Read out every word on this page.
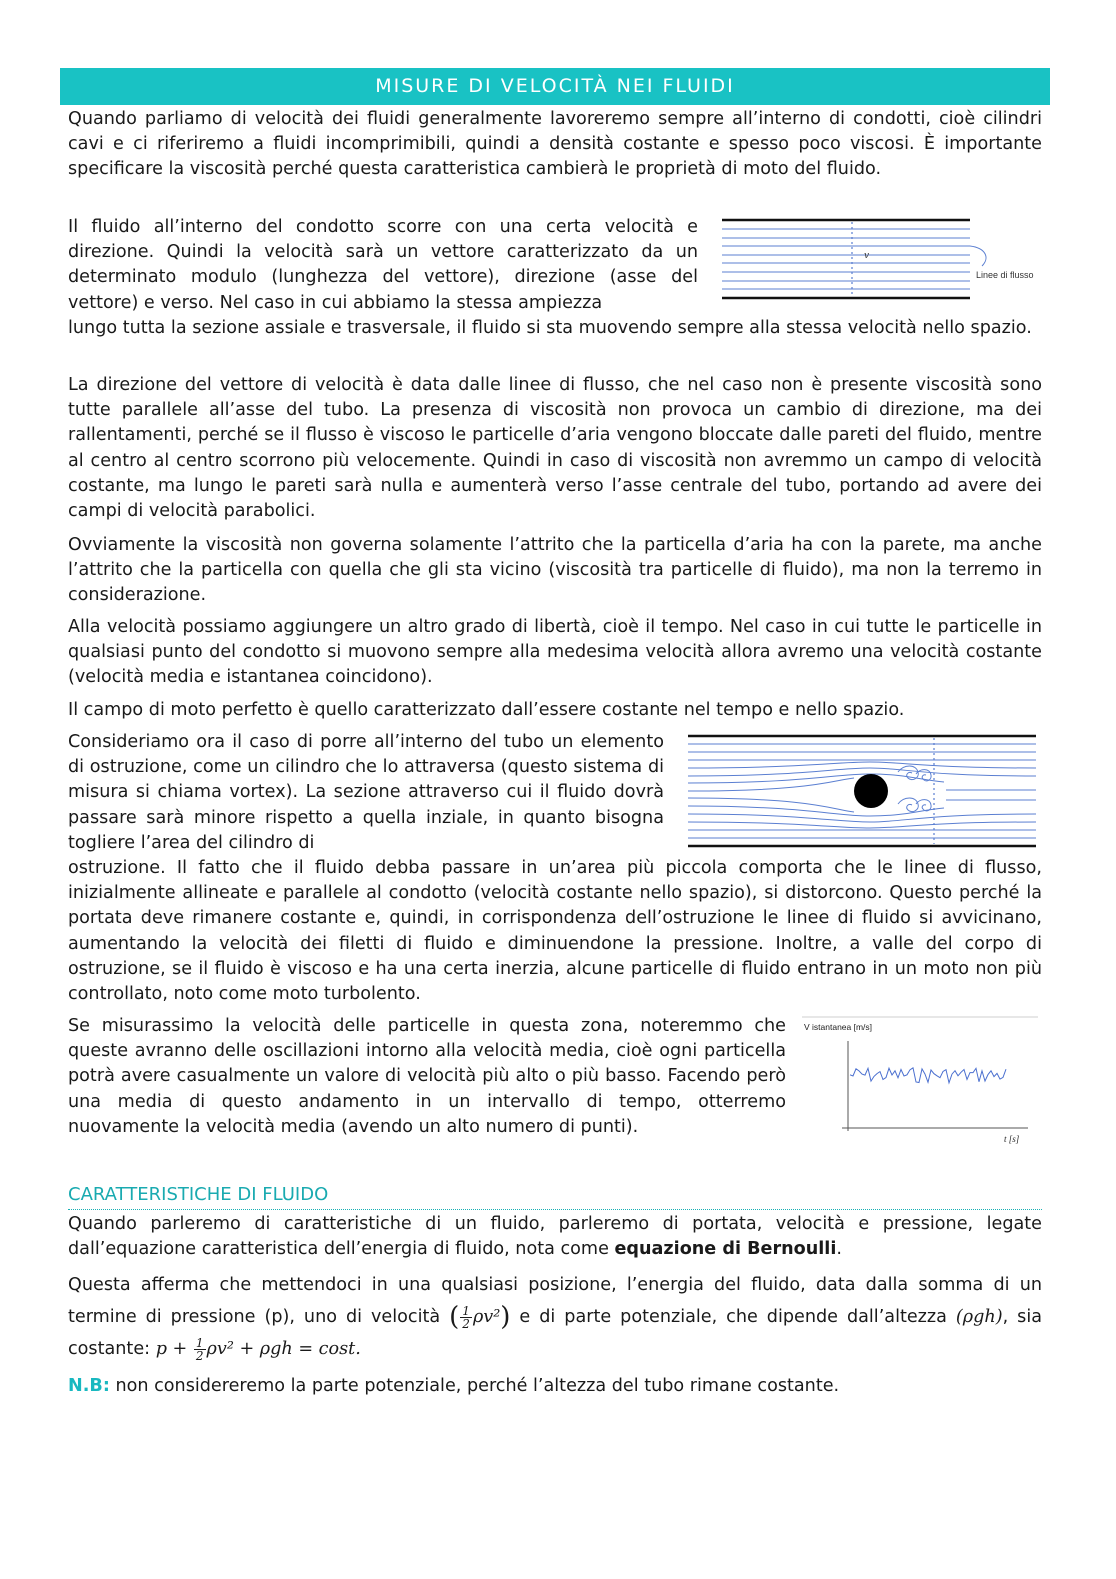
MISURE DI VELOCITÀ NEI FLUIDI

Quando parliamo di velocità dei fluidi generalmente lavoreremo sempre all’interno di condotti, cioè cilindri cavi e ci riferiremo a fluidi incomprimibili, quindi a densità costante e spesso poco viscosi. È importante specificare la viscosità perché questa caratteristica cambierà le proprietà di moto del fluido.

Il fluido all’interno del condotto scorre con una certa velocità e direzione. Quindi la velocità sarà un vettore caratterizzato da un determinato modulo (lunghezza del vettore), direzione (asse del vettore) e verso. Nel caso in cui abbiamo la stessa ampiezza

v
Linee di flusso

lungo tutta la sezione assiale e trasversale, il fluido si sta muovendo sempre alla stessa velocità nello spazio.

La direzione del vettore di velocità è data dalle linee di flusso, che nel caso non è presente viscosità sono tutte parallele all’asse del tubo. La presenza di viscosità non provoca un cambio di direzione, ma dei rallentamenti, perché se il flusso è viscoso le particelle d’aria vengono bloccate dalle pareti del fluido, mentre al centro al centro scorrono più velocemente. Quindi in caso di viscosità non avremmo un campo di velocità costante, ma lungo le pareti sarà nulla e aumenterà verso l’asse centrale del tubo, portando ad avere dei campi di velocità parabolici.

Ovviamente la viscosità non governa solamente l’attrito che la particella d’aria ha con la parete, ma anche l’attrito che la particella con quella che gli sta vicino (viscosità tra particelle di fluido), ma non la terremo in considerazione.

Alla velocità possiamo aggiungere un altro grado di libertà, cioè il tempo. Nel caso in cui tutte le particelle in qualsiasi punto del condotto si muovono sempre alla medesima velocità allora avremo una velocità costante (velocità media e istantanea coincidono).

Il campo di moto perfetto è quello caratterizzato dall’essere costante nel tempo e nello spazio.

Consideriamo ora il caso di porre all’interno del tubo un elemento di ostruzione, come un cilindro che lo attraversa (questo sistema di misura si chiama vortex). La sezione attraverso cui il fluido dovrà passare sarà minore rispetto a quella inziale, in quanto bisogna togliere l’area del cilindro di

ostruzione. Il fatto che il fluido debba passare in un’area più piccola comporta che le linee di flusso, inizialmente allineate e parallele al condotto (velocità costante nello spazio), si distorcono. Questo perché la portata deve rimanere costante e, quindi, in corrispondenza dell’ostruzione le linee di fluido si avvicinano, aumentando la velocità dei filetti di fluido e diminuendone la pressione. Inoltre, a valle del corpo di ostruzione, se il fluido è viscoso e ha una certa inerzia, alcune particelle di fluido entrano in un moto non più controllato, noto come moto turbolento.

Se misurassimo la velocità delle particelle in questa zona, noteremmo che queste avranno delle oscillazioni intorno alla velocità media, cioè ogni particella potrà avere casualmente un valore di velocità più alto o più basso. Facendo però una media di questo andamento in un intervallo di tempo, otterremo nuovamente la velocità media (avendo un alto numero di punti).

V istantanea [m/s]
t [s]
CARATTERISTICHE DI FLUIDO

Quando parleremo di caratteristiche di un fluido, parleremo di portata, velocità e pressione, legate dall’equazione caratteristica dell’energia di fluido, nota come equazione di Bernoulli.

Questa afferma che mettendoci in una qualsiasi posizione, l’energia del fluido, data dalla somma di un termine di pressione (p), uno di velocità ( $\frac{1}{2} \rho v^2$) e di parte potenziale, che dipende dall’altezza (ρgh), sia costante: $p + \frac{1}{2} \rho v^2 + \rho gh = \cos t$.

N.B: non considereremo la parte potenziale, perché l’altezza del tubo rimane costante.
